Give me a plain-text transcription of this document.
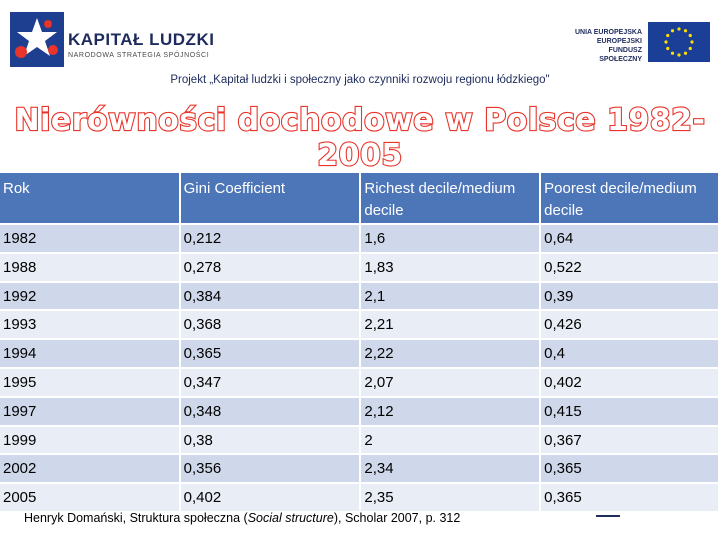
KAPITAŁ LUDZKI
NARODOWA STRATEGIA SPÓJNOŚCI
UNIA EUROPEJSKA
EUROPEJSKI
FUNDUSZ SPOŁECZNY
Projekt „Kapitał ludzki i społeczny jako czynniki rozwoju regionu łódzkiego"
Nierówności dochodowe w Polsce 1982-2005
Rok	Gini Coefficient	Richest decile/medium decile	Poorest decile/medium decile
1982	0,212	1,6	0,64
1988	0,278	1,83	0,522
1992	0,384	2,1	0,39
1993	0,368	2,21	0,426
1994	0,365	2,22	0,4
1995	0,347	2,07	0,402
1997	0,348	2,12	0,415
1999	0,38	2	0,367
2002	0,356	2,34	0,365
2005	0,402	2,35	0,365
Henryk Domański, Struktura społeczna (Social structure), Scholar 2007, p. 312
